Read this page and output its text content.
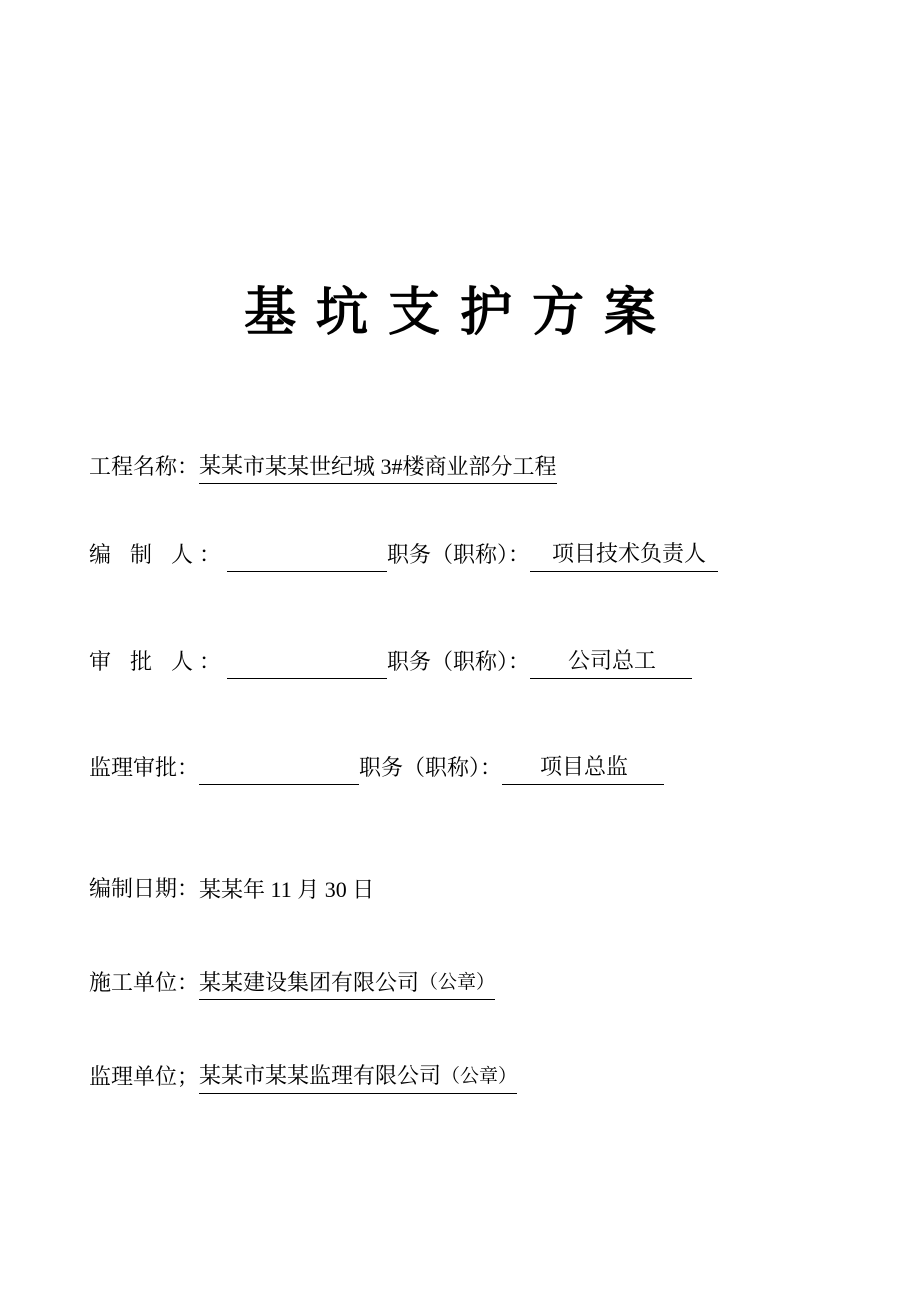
基坑支护方案
工程名称：某某市某某世纪城 3#楼商业部分工程
编 制 人：	职务（职称）： 项目技术负责人
审 批 人：	职务（职称）： 公司总工
监理审批：	职务（职称）： 项目总监
编制日期：某某年 11 月 30 日
施工单位：某某建设集团有限公司（公章）
监理单位；某某市某某监理有限公司（公章）
